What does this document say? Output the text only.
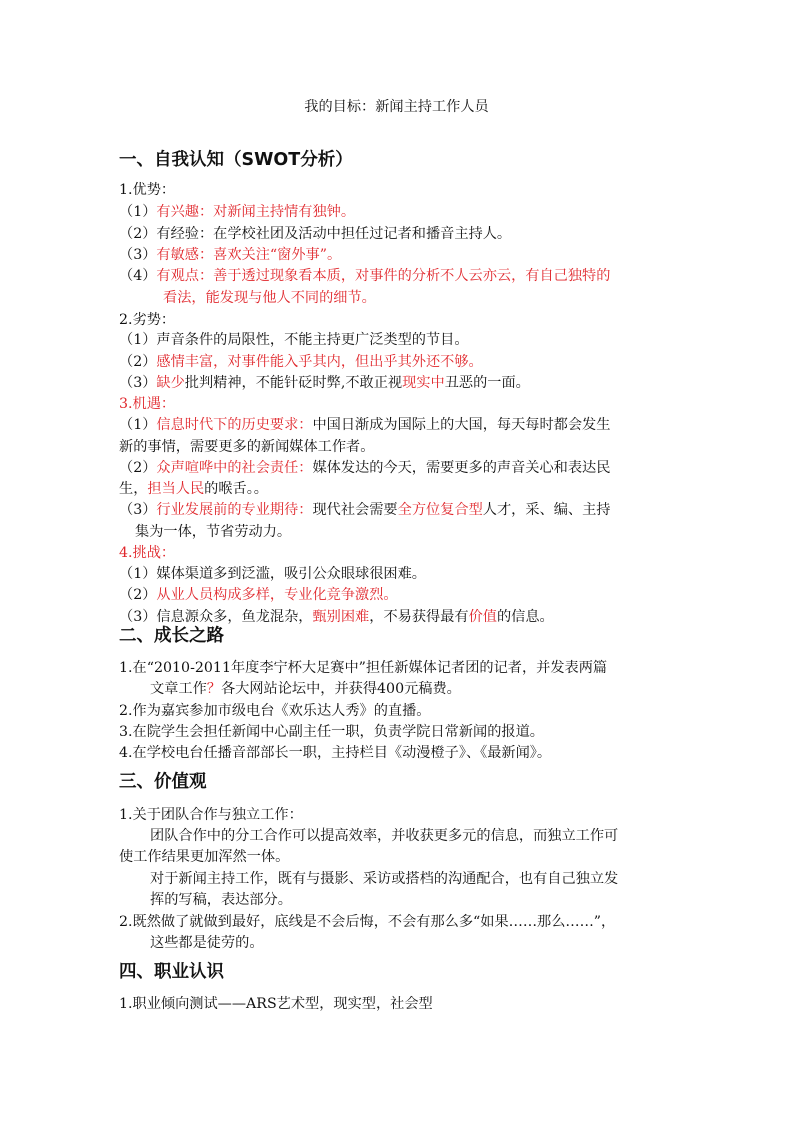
我的目标：新闻主持工作人员
一、自我认知（SWOT分析）
1.优势：
（1）有兴趣：对新闻主持情有独钟。
（2）有经验：在学校社团及活动中担任过记者和播音主持人。
（3）有敏感：喜欢关注“窗外事”。
（4）有观点：善于透过现象看本质，对事件的分析不人云亦云，有自己独特的
看法，能发现与他人不同的细节。
2.劣势：
（1）声音条件的局限性，不能主持更广泛类型的节目。
（2）感情丰富，对事件能入乎其内，但出乎其外还不够。
（3）缺少批判精神，不能针砭时弊,不敢正视现实中丑恶的一面。
3.机遇：
（1）信息时代下的历史要求：中国日渐成为国际上的大国，每天每时都会发生
新的事情，需要更多的新闻媒体工作者。
（2）众声喧哗中的社会责任：媒体发达的今天，需要更多的声音关心和表达民
生，担当人民的喉舌。。
（3）行业发展前的专业期待：现代社会需要全方位复合型人才，采、编、主持
集为一体，节省劳动力。
4.挑战：
（1）媒体渠道多到泛滥，吸引公众眼球很困难。
（2）从业人员构成多样，专业化竞争激烈。
（3）信息源众多，鱼龙混杂，甄别困难，不易获得最有价值的信息。
二、成长之路
1.在“2010-2011年度李宁杯大足赛中”担任新媒体记者团的记者，并发表两篇
文章工作？各大网站论坛中，并获得400元稿费。
2.作为嘉宾参加市级电台《欢乐达人秀》的直播。
3.在院学生会担任新闻中心副主任一职，负责学院日常新闻的报道。
4.在学校电台任播音部部长一职，主持栏目《动漫橙子》、《最新闻》。
三、价值观
1.关于团队合作与独立工作：
团队合作中的分工合作可以提高效率，并收获更多元的信息，而独立工作可
使工作结果更加浑然一体。
对于新闻主持工作，既有与摄影、采访或搭档的沟通配合，也有自己独立发
挥的写稿，表达部分。
2.既然做了就做到最好，底线是不会后悔，不会有那么多“如果……那么……”，
这些都是徒劳的。
四、职业认识
1.职业倾向测试——ARS艺术型，现实型，社会型
